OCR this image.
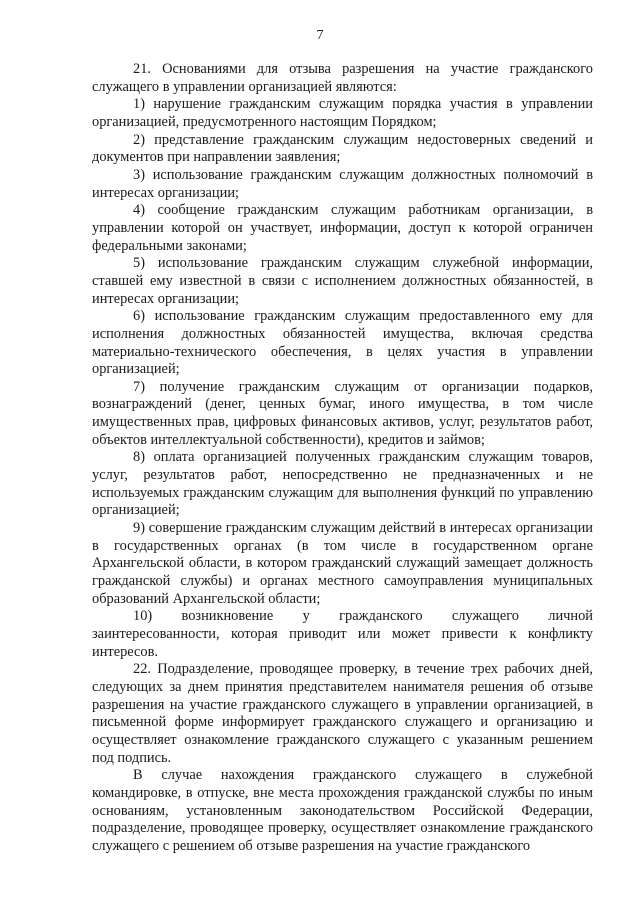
7

21. Основаниями для отзыва разрешения на участие гражданского служащего в управлении организацией являются:

1) нарушение гражданским служащим порядка участия в управлении организацией, предусмотренного настоящим Порядком;

2) представление гражданским служащим недостоверных сведений и документов при направлении заявления;

3) использование гражданским служащим должностных полномочий в интересах организации;

4) сообщение гражданским служащим работникам организации, в управлении которой он участвует, информации, доступ к которой ограничен федеральными законами;

5) использование гражданским служащим служебной информации, ставшей ему известной в связи с исполнением должностных обязанностей, в интересах организации;

6) использование гражданским служащим предоставленного ему для исполнения должностных обязанностей имущества, включая средства материально-технического обеспечения, в целях участия в управлении организацией;

7) получение гражданским служащим от организации подарков, вознаграждений (денег, ценных бумаг, иного имущества, в том числе имущественных прав, цифровых финансовых активов, услуг, результатов работ, объектов интеллектуальной собственности), кредитов и займов;

8) оплата организацией полученных гражданским служащим товаров, услуг, результатов работ, непосредственно не предназначенных и не используемых гражданским служащим для выполнения функций по управлению организацией;

9) совершение гражданским служащим действий в интересах организации в государственных органах (в том числе в государственном органе Архангельской области, в котором гражданский служащий замещает должность гражданской службы) и органах местного самоуправления муниципальных образований Архангельской области;

10) возникновение у гражданского служащего личной заинтересованности, которая приводит или может привести к конфликту интересов.

22. Подразделение, проводящее проверку, в течение трех рабочих дней, следующих за днем принятия представителем нанимателя решения об отзыве разрешения на участие гражданского служащего в управлении организацией, в письменной форме информирует гражданского служащего и организацию и осуществляет ознакомление гражданского служащего с указанным решением под подпись.

В случае нахождения гражданского служащего в служебной командировке, в отпуске, вне места прохождения гражданской службы по иным основаниям, установленным законодательством Российской Федерации, подразделение, проводящее проверку, осуществляет ознакомление гражданского служащего с решением об отзыве разрешения на участие гражданского
